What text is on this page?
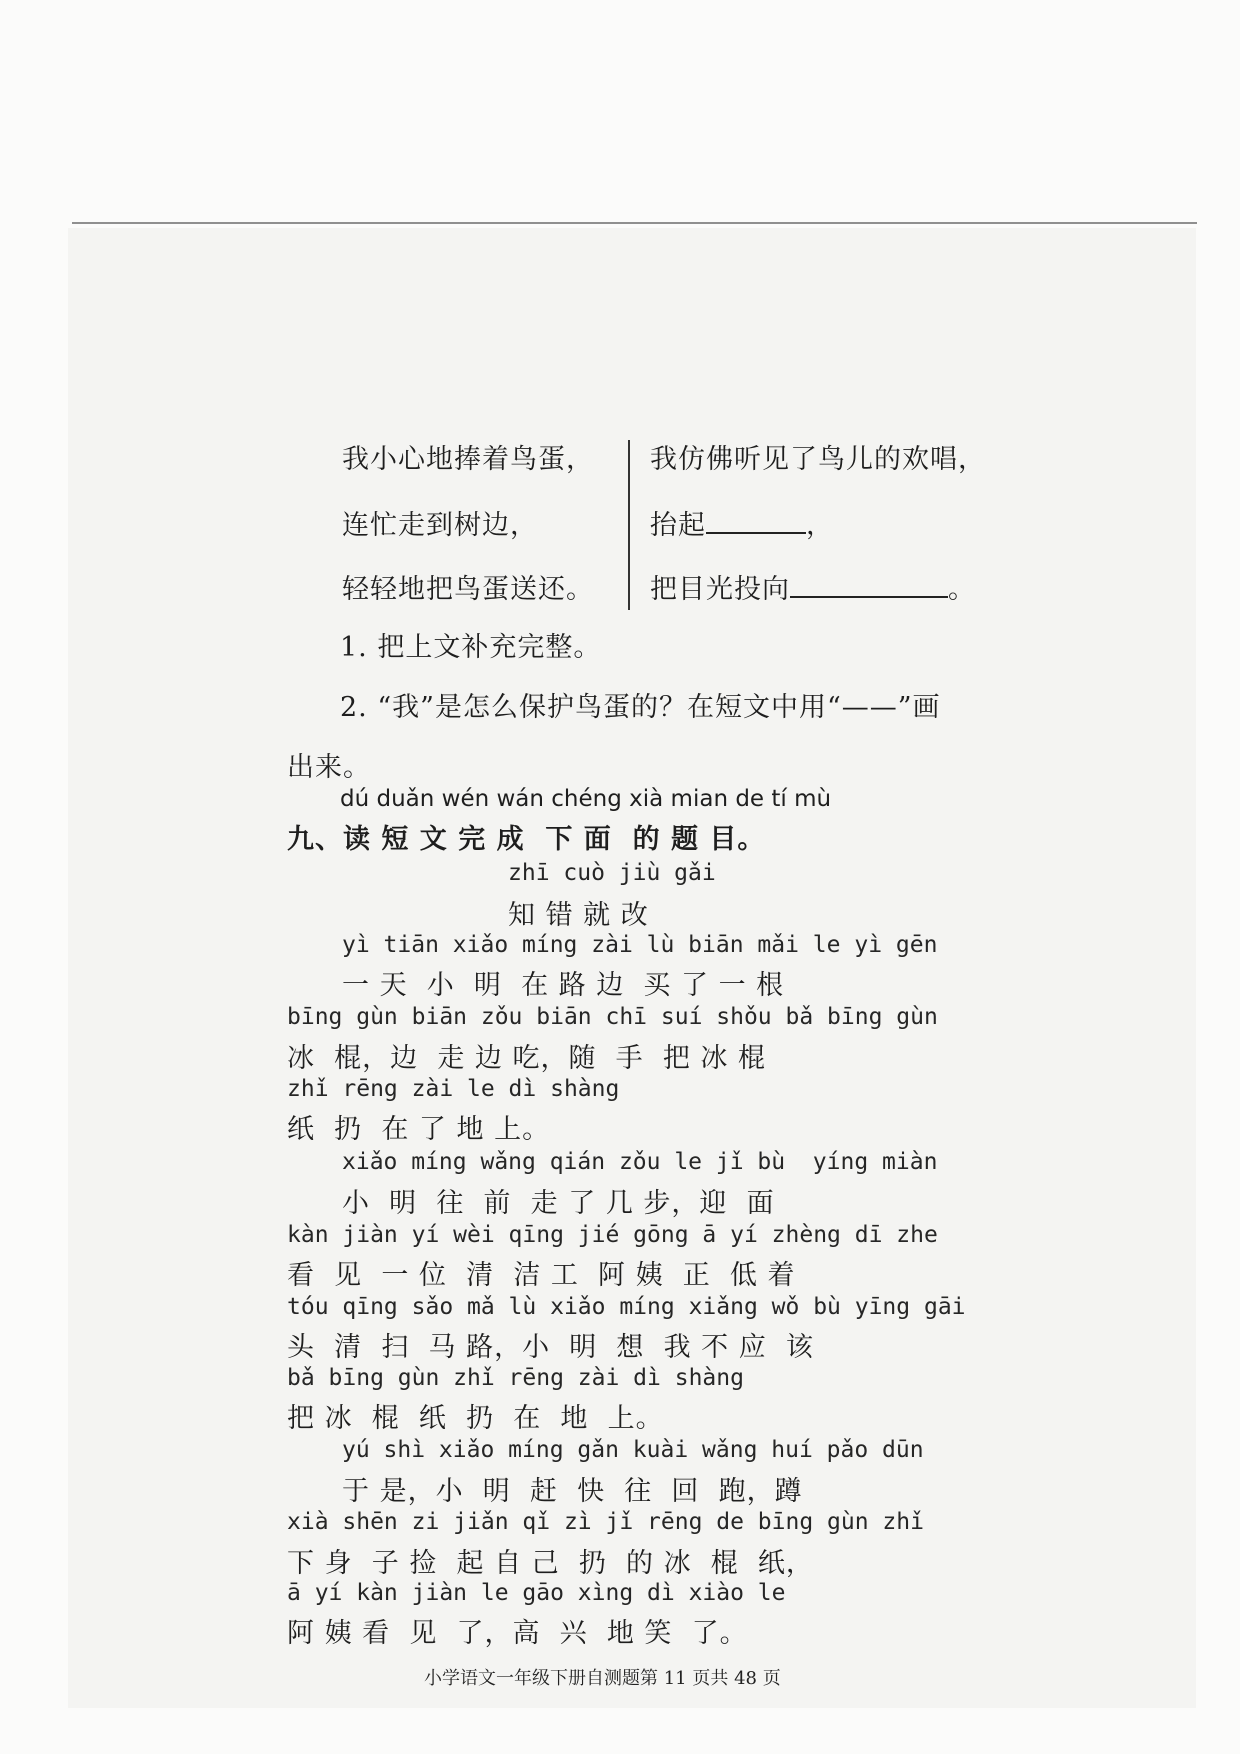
我小心地捧着鸟蛋，

连忙走到树边，

轻轻地把鸟蛋送还。

我仿佛听见了鸟儿的欢唱，

抬起	，

把目光投向	。

1. 把上文补充完整。

2. “我”是怎么保护鸟蛋的？在短文中用“——”画

出来。

dú duǎn wén wán chéng xià mian de tí mù

九、读 短 文 完 成  下 面  的 题 目。

zhī cuò jiù gǎi

知 错 就 改

yì tiān xiǎo míng zài lù biān mǎi le yì gēn

一 天  小  明  在 路 边  买 了 一 根

bīng gùn biān zǒu biān chī suí shǒu bǎ bīng gùn

冰  棍，边  走 边 吃，随  手  把 冰 棍

zhǐ rēng zài le dì shàng

纸  扔  在 了 地 上。

xiǎo míng wǎng qián zǒu le jǐ bù  yíng miàn

小  明  往  前  走 了 几 步，迎  面

kàn jiàn yí wèi qīng jié gōng ā yí zhèng dī zhe

看  见  一 位  清  洁 工  阿 姨  正  低 着

tóu qīng sǎo mǎ lù xiǎo míng xiǎng wǒ bù yīng gāi

头  清  扫  马 路，小  明  想  我 不 应  该

bǎ bīng gùn zhǐ rēng zài dì shàng

把 冰  棍  纸  扔  在  地  上。

yú shì xiǎo míng gǎn kuài wǎng huí pǎo dūn

于 是，小  明  赶  快  往  回  跑，蹲

xià shēn zi jiǎn qǐ zì jǐ rēng de bīng gùn zhǐ

下 身  子 捡  起 自 己  扔  的 冰  棍  纸，

ā yí kàn jiàn le gāo xìng dì xiào le

阿 姨 看  见  了，高  兴  地 笑  了。

小学语文一年级下册自测题第 11 页共 48 页
